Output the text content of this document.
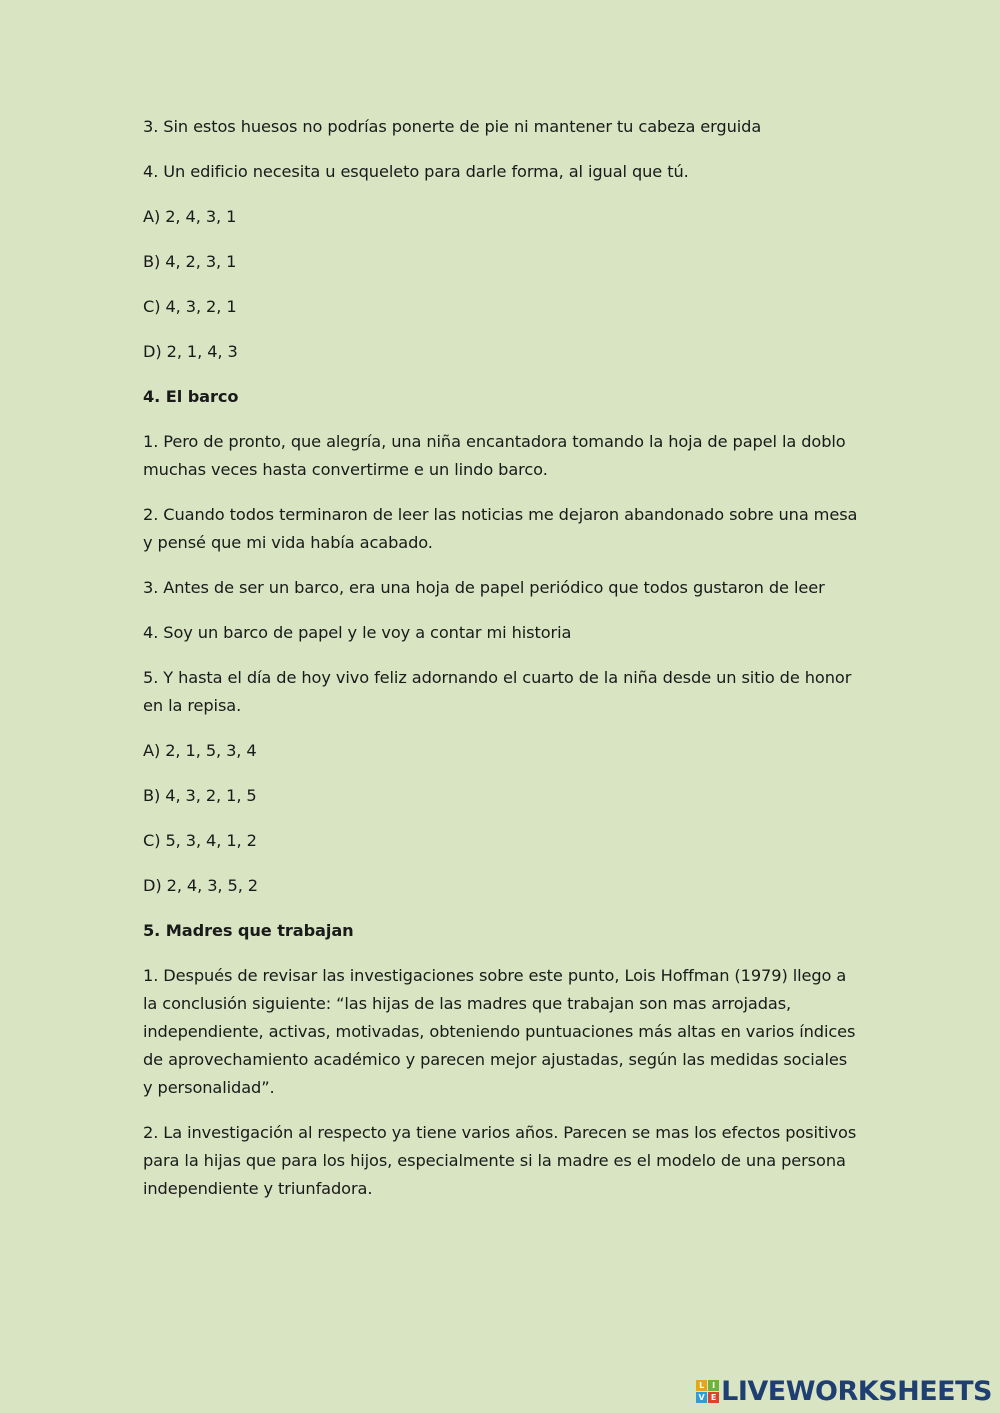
3. Sin estos huesos no podrías ponerte de pie ni mantener tu cabeza erguida

4. Un edificio necesita u esqueleto para darle forma, al igual que tú.

A) 2, 4, 3, 1

B) 4, 2, 3, 1

C) 4, 3, 2, 1

D) 2, 1, 4, 3

4. El barco

1. Pero de pronto, que alegría, una niña encantadora tomando la hoja de papel la doblo muchas veces hasta convertirme e un lindo barco.

2. Cuando todos terminaron de leer las noticias me dejaron abandonado sobre una mesa y pensé que mi vida había acabado.

3. Antes de ser un barco, era una hoja de papel periódico que todos gustaron de leer

4. Soy un barco de papel y le voy a contar mi historia

5. Y hasta el día de hoy vivo feliz adornando el cuarto de la niña desde un sitio de honor en la repisa.

A) 2, 1, 5, 3, 4

B) 4, 3, 2, 1, 5

C) 5, 3, 4, 1, 2

D) 2, 4, 3, 5, 2

5. Madres que trabajan

1. Después de revisar las investigaciones sobre este punto, Lois Hoffman (1979) llego a la conclusión siguiente: “las hijas de las madres que trabajan son mas arrojadas, independiente, activas, motivadas, obteniendo puntuaciones más altas en varios índices de aprovechamiento académico y parecen mejor ajustadas, según las medidas sociales y personalidad”.

2. La investigación al respecto ya tiene varios años. Parecen se mas los efectos positivos para la hijas que para los hijos, especialmente si la madre es el modelo de una persona independiente y triunfadora.

L I
V E LIVEWORKSHEETS
